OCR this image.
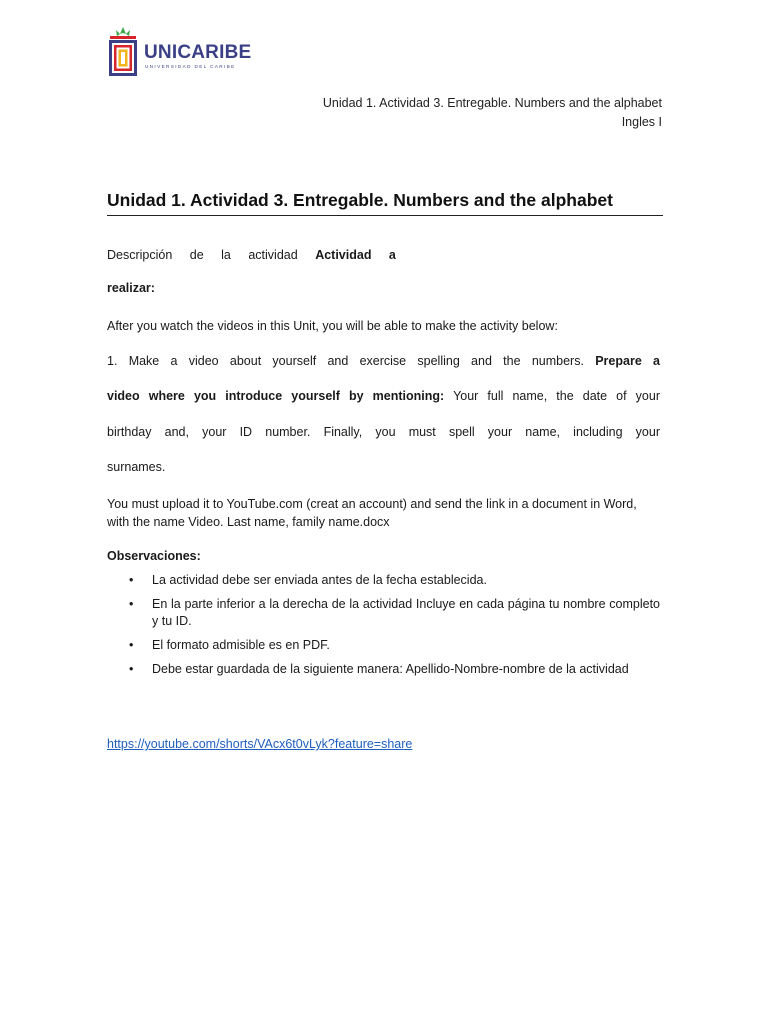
UNICARIBE
UNIVERSIDAD DEL CARIBE
Unidad 1. Actividad 3. Entregable. Numbers and the alphabet
Ingles I
Unidad 1. Actividad 3. Entregable. Numbers and the alphabet
Descripción de la actividad Actividad a
realizar:
After you watch the videos in this Unit, you will be able to make the activity below:
1. Make a video about yourself and exercise spelling and the numbers. Prepare a
video where you introduce yourself by mentioning: Your full name, the date of your
birthday and, your ID number. Finally, you must spell your name, including your
surnames.
You must upload it to YouTube.com (creat an account) and send the link in a document in Word,
with the name Video. Last name, family name.docx
Observaciones:
• La actividad debe ser enviada antes de la fecha establecida.
• En la parte inferior a la derecha de la actividad Incluye en cada página tu nombre completo y tu ID.
• El formato admisible es en PDF.
• Debe estar guardada de la siguiente manera: Apellido-Nombre-nombre de la actividad
https://youtube.com/shorts/VAcx6t0vLyk?feature=share
